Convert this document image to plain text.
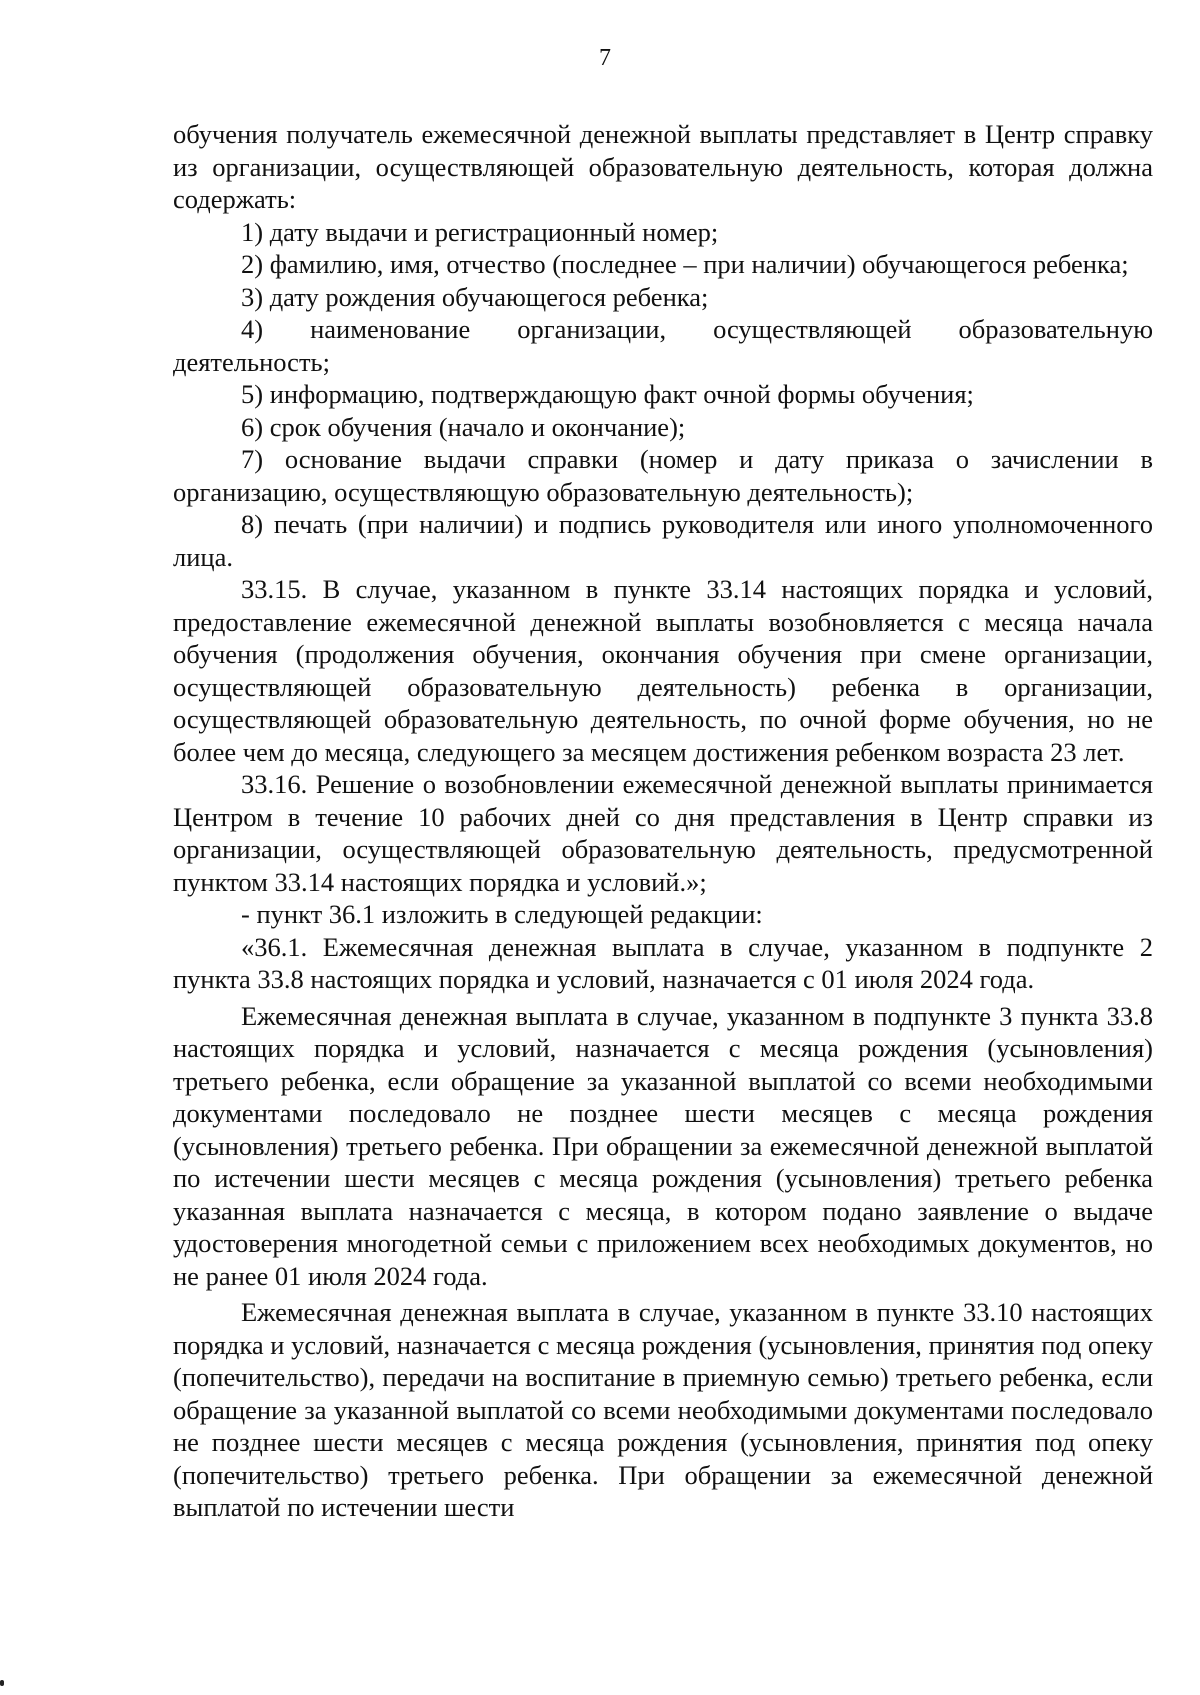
7

обучения получатель ежемесячной денежной выплаты представляет в Центр справку из организации, осуществляющей образовательную деятельность, которая должна содержать:

1) дату выдачи и регистрационный номер;

2) фамилию, имя, отчество (последнее – при наличии) обучающегося ребенка;

3) дату рождения обучающегося ребенка;

4) наименование организации, осуществляющей образовательную деятельность;

5) информацию, подтверждающую факт очной формы обучения;

6) срок обучения (начало и окончание);

7) основание выдачи справки (номер и дату приказа о зачислении в организацию, осуществляющую образовательную деятельность);

8) печать (при наличии) и подпись руководителя или иного уполномоченного лица.

33.15. В случае, указанном в пункте 33.14 настоящих порядка и условий, предоставление ежемесячной денежной выплаты возобновляется с месяца начала обучения (продолжения обучения, окончания обучения при смене организации, осуществляющей образовательную деятельность) ребенка в организации, осуществляющей образовательную деятельность, по очной форме обучения, но не более чем до месяца, следующего за месяцем достижения ребенком возраста 23 лет.

33.16. Решение о возобновлении ежемесячной денежной выплаты принимается Центром в течение 10 рабочих дней со дня представления в Центр справки из организации, осуществляющей образовательную деятельность, предусмотренной пунктом 33.14 настоящих порядка и условий.»;

- пункт 36.1 изложить в следующей редакции:

«36.1. Ежемесячная денежная выплата в случае, указанном в подпункте 2 пункта 33.8 настоящих порядка и условий, назначается с 01 июля 2024 года.

Ежемесячная денежная выплата в случае, указанном в подпункте 3 пункта 33.8 настоящих порядка и условий, назначается с месяца рождения (усыновления) третьего ребенка, если обращение за указанной выплатой со всеми необходимыми документами последовало не позднее шести месяцев с месяца рождения (усыновления) третьего ребенка. При обращении за ежемесячной денежной выплатой по истечении шести месяцев с месяца рождения (усыновления) третьего ребенка указанная выплата назначается с месяца, в котором подано заявление о выдаче удостоверения многодетной семьи с приложением всех необходимых документов, но не ранее 01 июля 2024 года.

Ежемесячная денежная выплата в случае, указанном в пункте 33.10 настоящих порядка и условий, назначается с месяца рождения (усыновления, принятия под опеку (попечительство), передачи на воспитание в приемную семью) третьего ребенка, если обращение за указанной выплатой со всеми необходимыми документами последовало не позднее шести месяцев с месяца рождения (усыновления, принятия под опеку (попечительство) третьего ребенка. При обращении за ежемесячной денежной выплатой по истечении шести
